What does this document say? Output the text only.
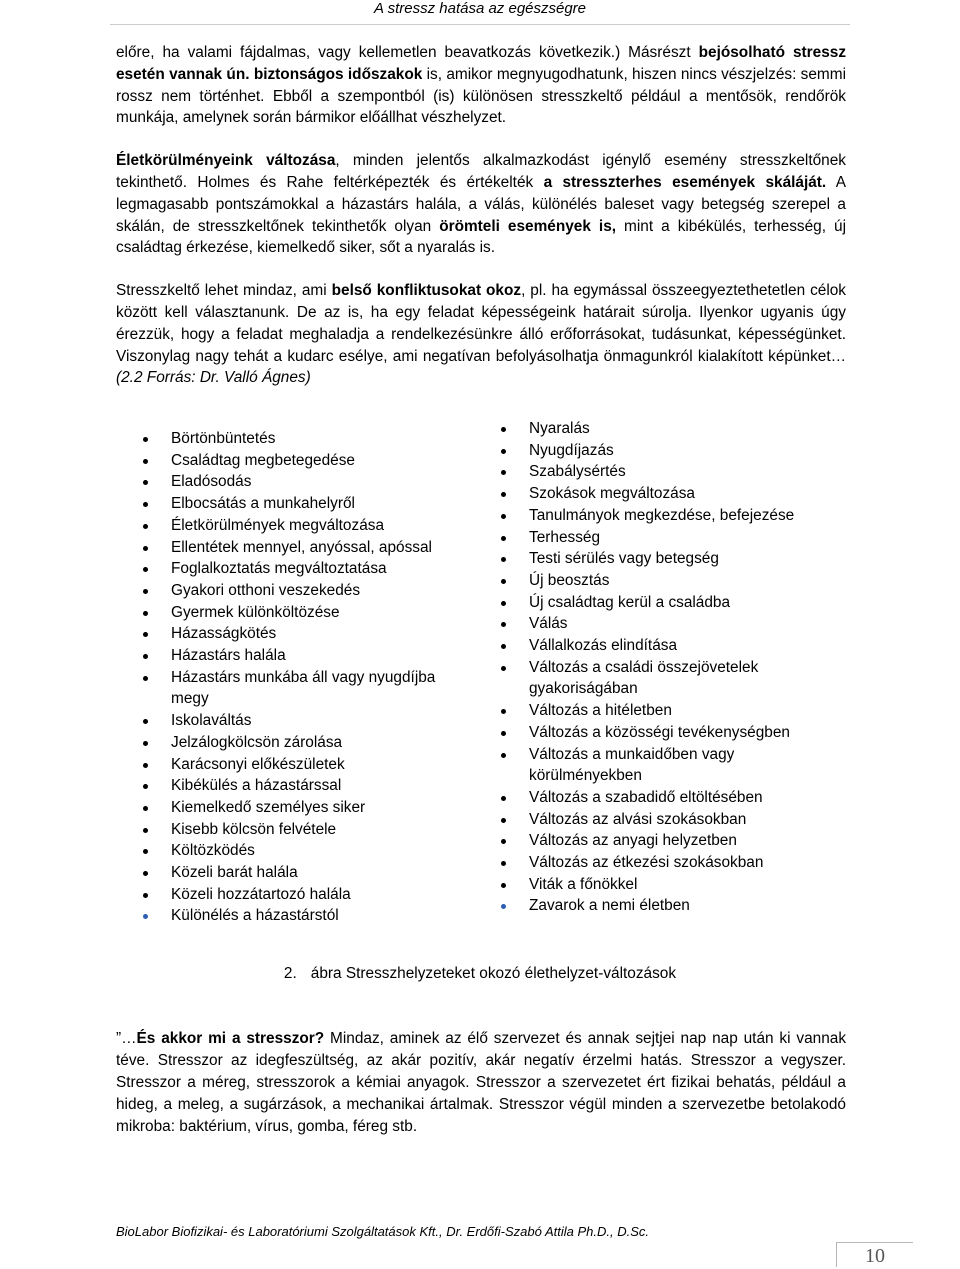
A stressz hatása az egészségre

előre, ha valami fájdalmas, vagy kellemetlen beavatkozás következik.) Másrészt bejósolható stressz esetén vannak ún. biztonságos időszakok is, amikor megnyugodhatunk, hiszen nincs vészjelzés: semmi rossz nem történhet. Ebből a szempontból (is) különösen stresszkeltő például a mentősök, rendőrök munkája, amelynek során bármikor előállhat vészhelyzet.

Életkörülményeink változása, minden jelentős alkalmazkodást igénylő esemény stresszkeltőnek tekinthető. Holmes és Rahe feltérképezték és értékelték a stresszterhes események skáláját. A legmagasabb pontszámokkal a házastárs halála, a válás, különélés baleset vagy betegség szerepel a skálán, de stresszkeltőnek tekinthetők olyan örömteli események is, mint a kibékülés, terhesség, új családtag érkezése, kiemelkedő siker, sőt a nyaralás is.

Stresszkeltő lehet mindaz, ami belső konfliktusokat okoz, pl. ha egymással összeegyeztethetetlen célok között kell választanunk. De az is, ha egy feladat képességeink határait súrolja. Ilyenkor ugyanis úgy érezzük, hogy a feladat meghaladja a rendelkezésünkre álló erőforrásokat, tudásunkat, képességünket. Viszonylag nagy tehát a kudarc esélye, ami negatívan befolyásolhatja önmagunkról kialakított képünket… (2.2 Forrás: Dr. Valló Ágnes)

Börtönbüntetés
Családtag megbetegedése
Eladósodás
Elbocsátás a munkahelyről
Életkörülmények megváltozása
Ellentétek mennyel, anyóssal, apóssal
Foglalkoztatás megváltoztatása
Gyakori otthoni veszekedés
Gyermek különköltözése
Házasságkötés
Házastárs halála
Házastárs munkába áll vagy nyugdíjba megy
Iskolaváltás
Jelzálogkölcsön zárolása
Karácsonyi előkészületek
Kibékülés a házastárssal
Kiemelkedő személyes siker
Kisebb kölcsön felvétele
Költözködés
Közeli barát halála
Közeli hozzátartozó halála
Különélés a házastárstól
Nyaralás
Nyugdíjazás
Szabálysértés
Szokások megváltozása
Tanulmányok megkezdése, befejezése
Terhesség
Testi sérülés vagy betegség
Új beosztás
Új családtag kerül a családba
Válás
Vállalkozás elindítása
Változás a családi összejövetelek gyakoriságában
Változás a hitéletben
Változás a közösségi tevékenységben
Változás a munkaidőben vagy körülményekben
Változás a szabadidő eltöltésében
Változás az alvási szokásokban
Változás az anyagi helyzetben
Változás az étkezési szokásokban
Viták a főnökkel
Zavarok a nemi életben
2. ábra Stresszhelyzeteket okozó élethelyzet-változások
”…És akkor mi a stresszor? Mindaz, aminek az élő szervezet és annak sejtjei nap nap után ki vannak téve. Stresszor az idegfeszültség, az akár pozitív, akár negatív érzelmi hatás. Stresszor a vegyszer. Stresszor a méreg, stresszorok a kémiai anyagok. Stresszor a szervezetet ért fizikai behatás, például a hideg, a meleg, a sugárzások, a mechanikai ártalmak. Stresszor végül minden a szervezetbe betolakodó mikroba: baktérium, vírus, gomba, féreg stb.
BioLabor Biofizikai- és Laboratóriumi Szolgáltatások Kft., Dr. Erdőfi-Szabó Attila Ph.D., D.Sc.
10
